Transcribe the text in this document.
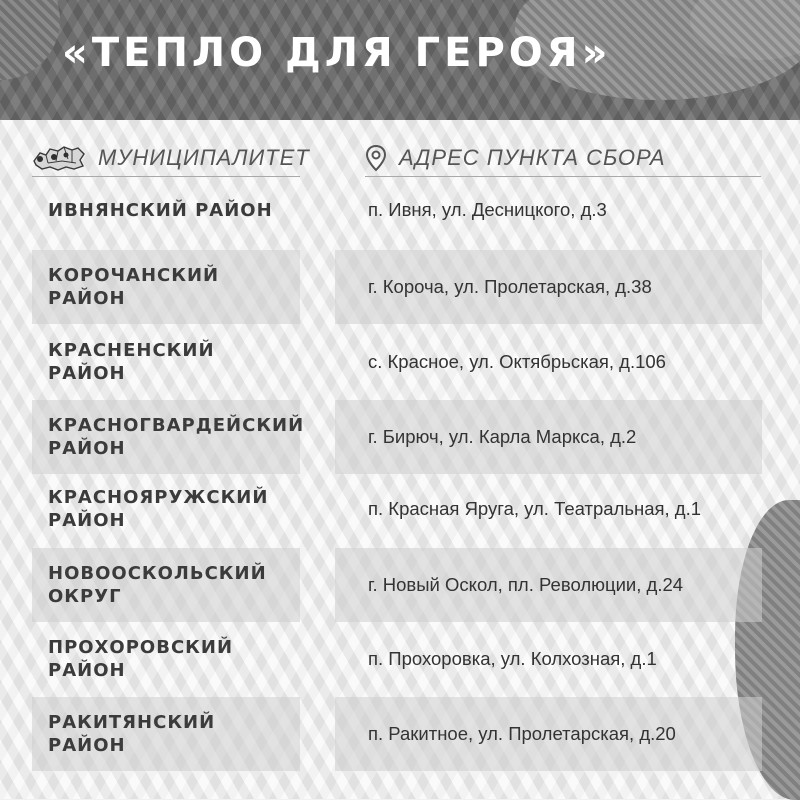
«ТЕПЛО ДЛЯ ГЕРОЯ»
МУНИЦИПАЛИТЕТ	АДРЕС ПУНКТА СБОРА
ИВНЯНСКИЙ РАЙОН	п. Ивня, ул. Десницкого, д.3
КОРОЧАНСКИЙ РАЙОН
г. Короча, ул. Пролетарская, д.38
КРАСНЕНСКИЙ РАЙОН
с. Красное, ул. Октябрьская, д.106
КРАСНОГВАРДЕЙСКИЙ РАЙОН
г. Бирюч, ул. Карла Маркса, д.2
КРАСНОЯРУЖСКИЙ РАЙОН
п. Красная Яруга, ул. Театральная, д.1
НОВООСКОЛЬСКИЙ ОКРУГ
г. Новый Оскол, пл. Революции, д.24
ПРОХОРОВСКИЙ РАЙОН
п. Прохоровка, ул. Колхозная, д.1
РАКИТЯНСКИЙ РАЙОН
п. Ракитное, ул. Пролетарская, д.20
